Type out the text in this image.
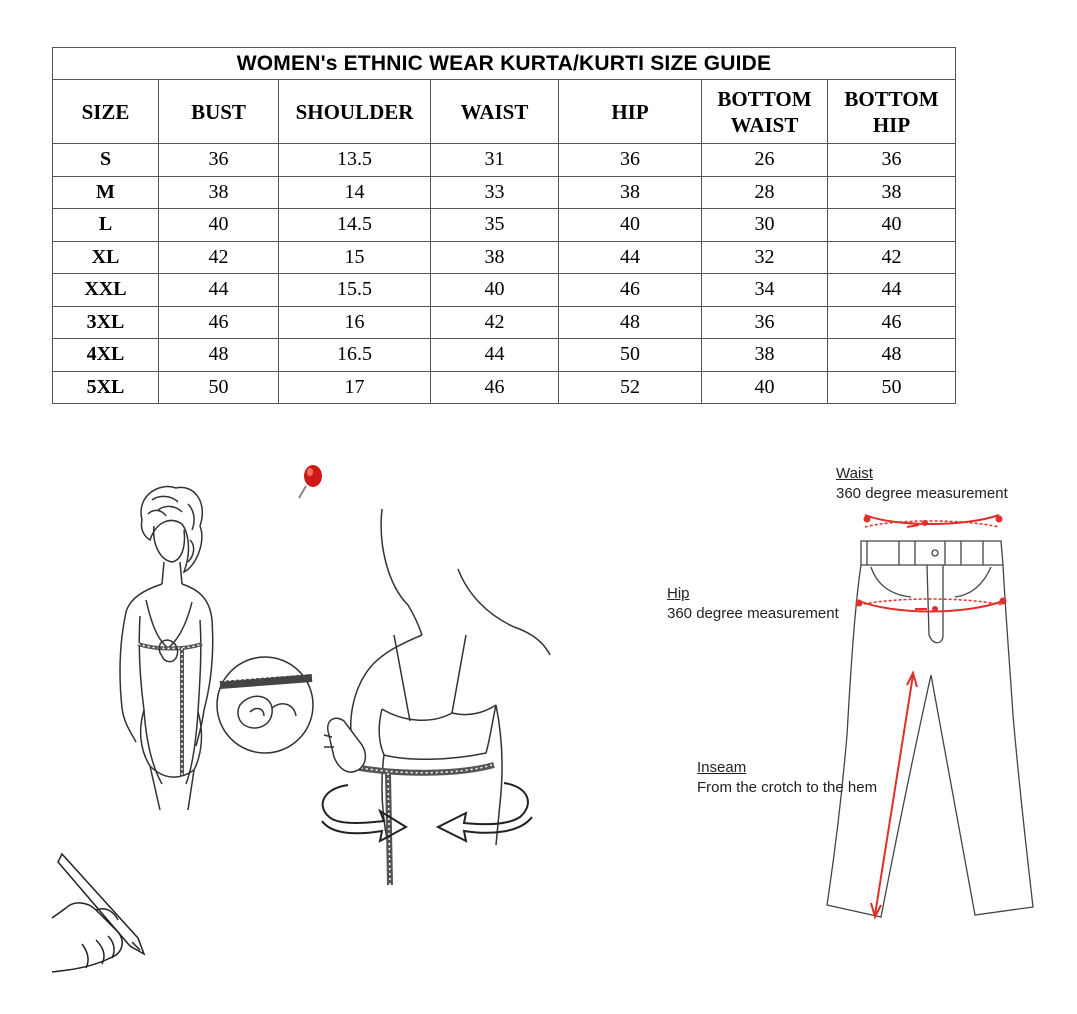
WOMEN's ETHNIC WEAR KURTA/KURTI SIZE GUIDE						
SIZE	BUST	SHOULDER	WAIST	HIP	BOTTOM WAIST	BOTTOM HIP
S	36	13.5	31	36	26	36
M	38	14	33	38	28	38
L	40	14.5	35	40	30	40
XL	42	15	38	44	32	42
XXL	44	15.5	40	46	34	44
3XL	46	16	42	48	36	46
4XL	48	16.5	44	50	38	48
5XL	50	17	46	52	40	50
Waist
360 degree measurement
Hip
360 degree measurement
Inseam
From the crotch to the hem
